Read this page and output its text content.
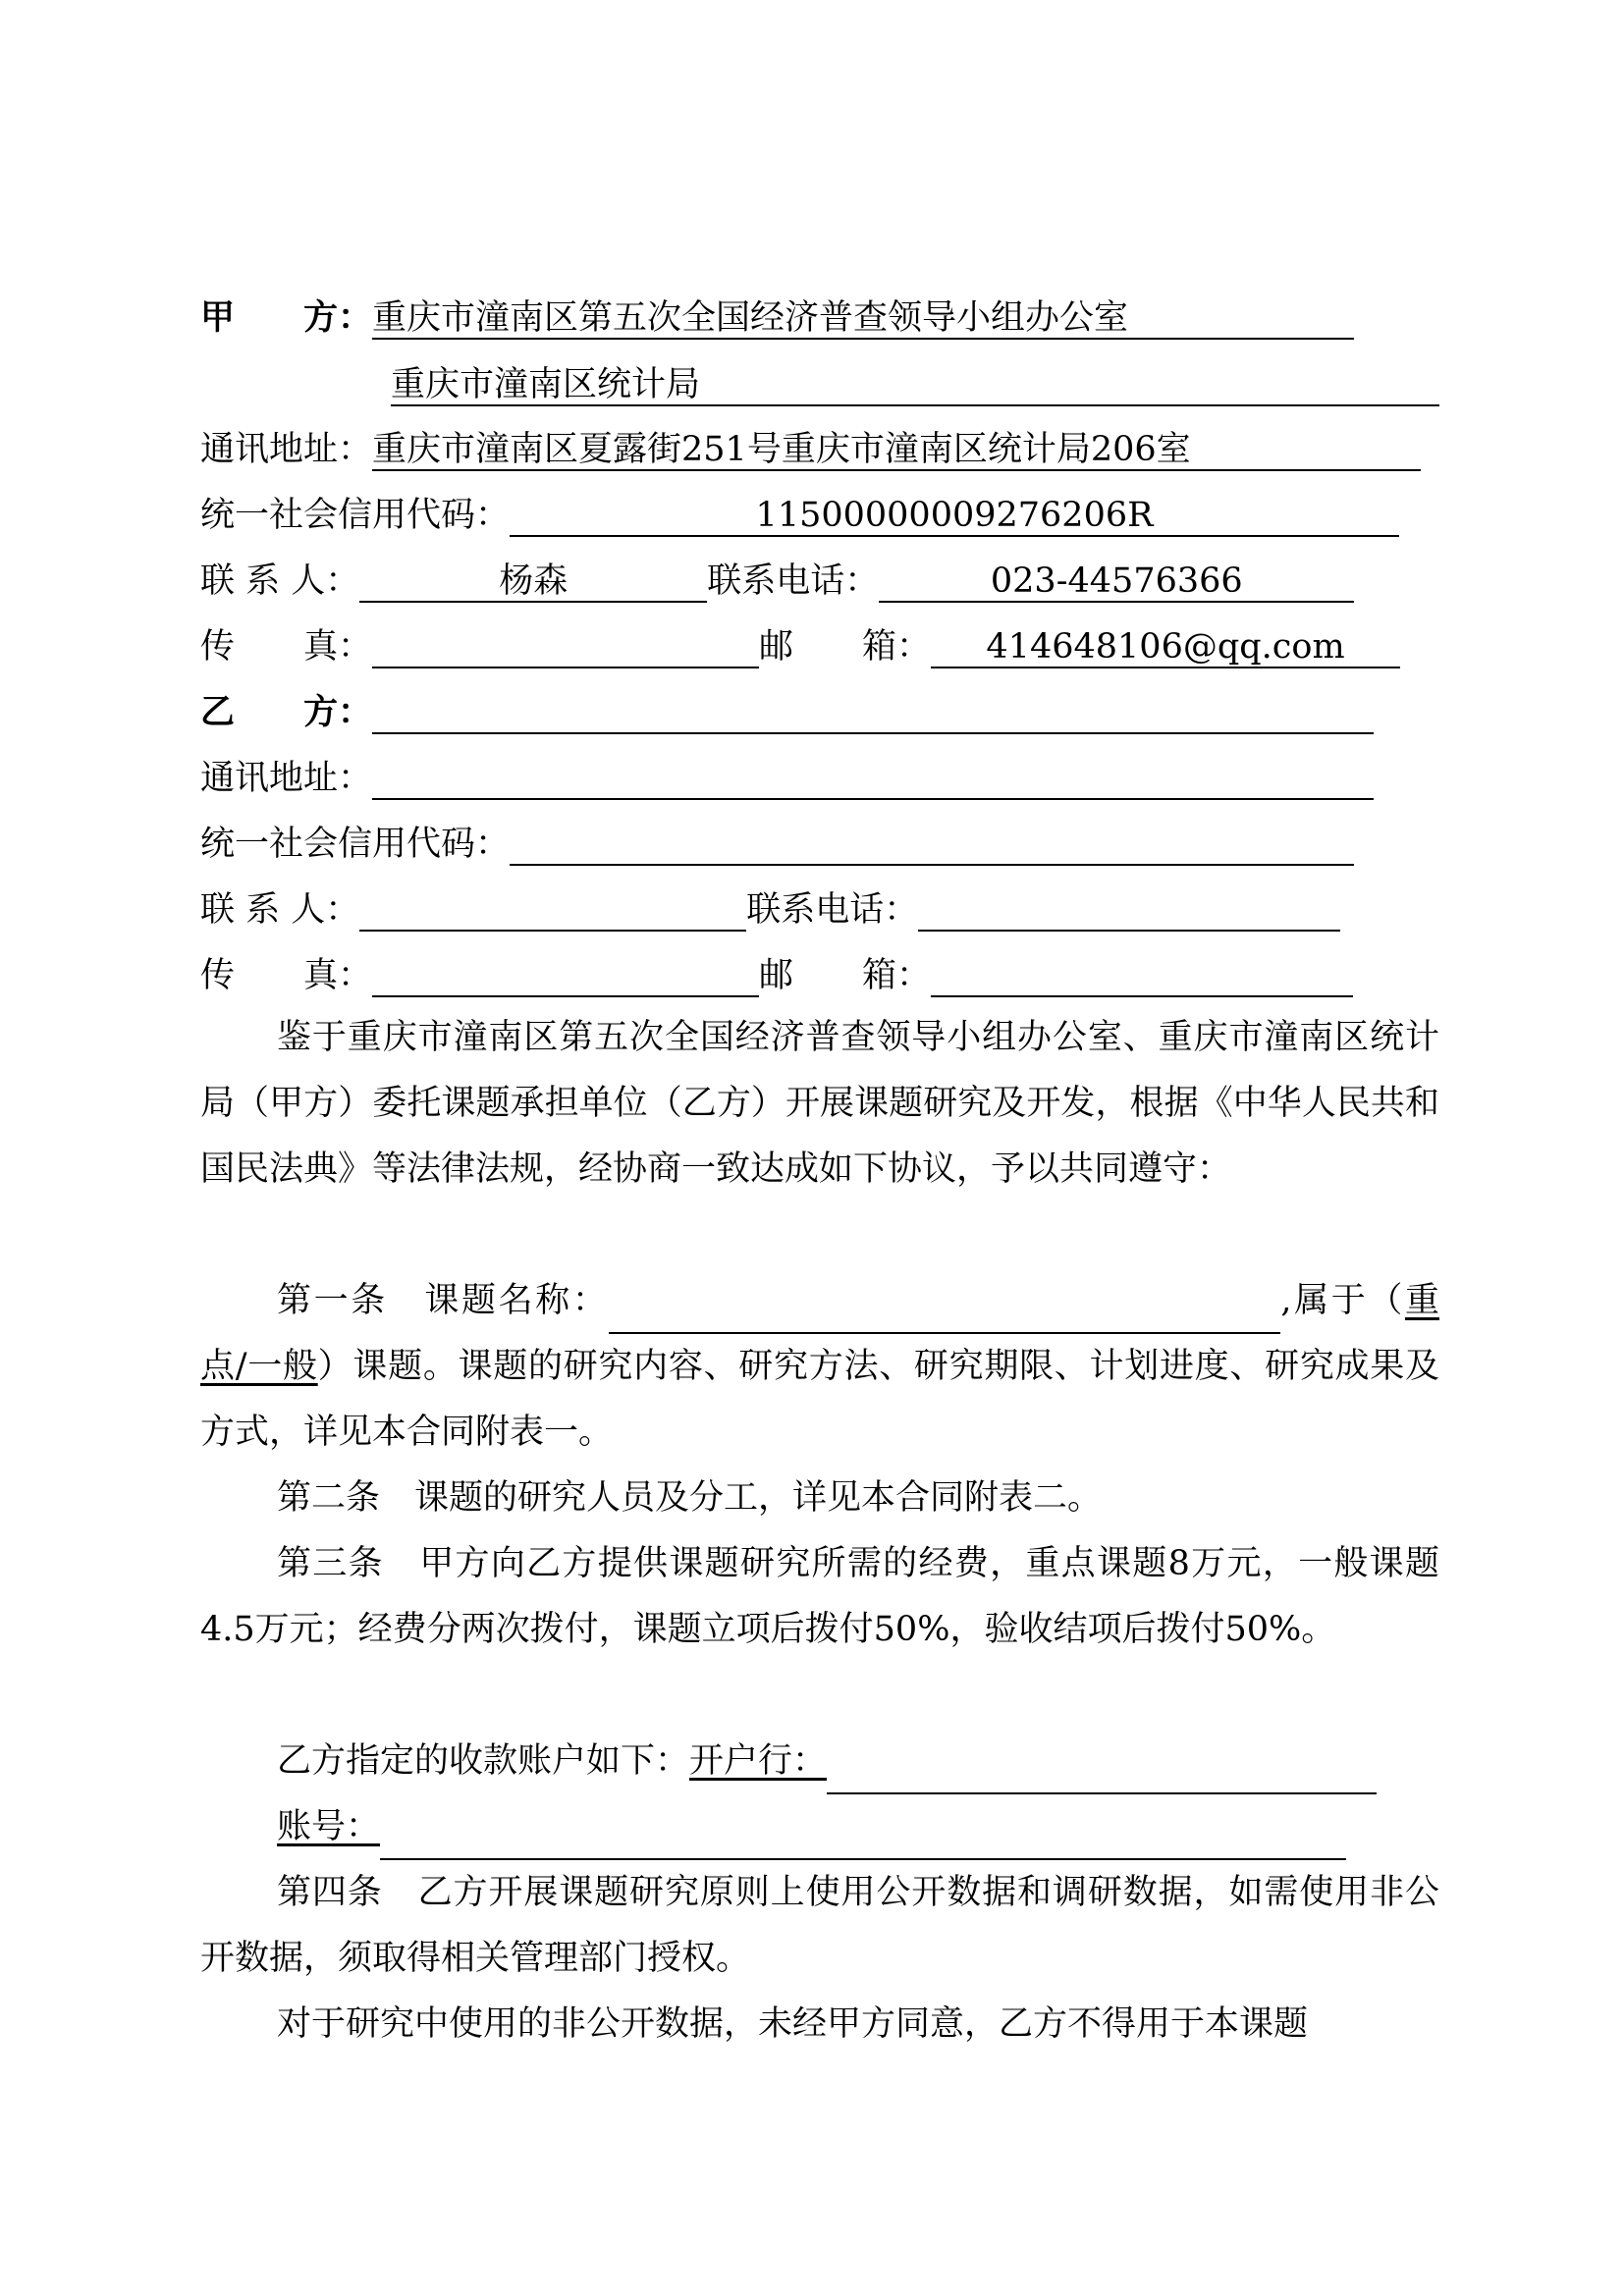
甲　　方： 重庆市潼南区第五次全国经济普查领导小组办公室
重庆市潼南区统计局
通讯地址： 重庆市潼南区夏露街251号重庆市潼南区统计局206室
统一社会信用代码：	11500000009276206R
联 系 人：	杨森	联系电话：	023-44576366
传　　真：	邮　　箱：	414648106@qq.com
乙　　方：
通讯地址：
统一社会信用代码：
联 系 人：	联系电话：
传　　真：	邮　　箱：

鉴于重庆市潼南区第五次全国经济普查领导小组办公室、重庆市潼南区统计局（甲方）委托课题承担单位（乙方）开展课题研究及开发，根据《中华人民共和国民法典》等法律法规，经协商一致达成如下协议，予以共同遵守：

第一条　课题名称：	,属于（重点/一般）课题。课题的研究内容、研究方法、研究期限、计划进度、研究成果及方式，详见本合同附表一。

第二条　课题的研究人员及分工，详见本合同附表二。

第三条　甲方向乙方提供课题研究所需的经费，重点课题8万元，一般课题4.5万元；经费分两次拨付，课题立项后拨付50%，验收结项后拨付50%。

乙方指定的收款账户如下：开户行：
账号：

第四条　乙方开展课题研究原则上使用公开数据和调研数据，如需使用非公开数据，须取得相关管理部门授权。

对于研究中使用的非公开数据，未经甲方同意，乙方不得用于本课题
